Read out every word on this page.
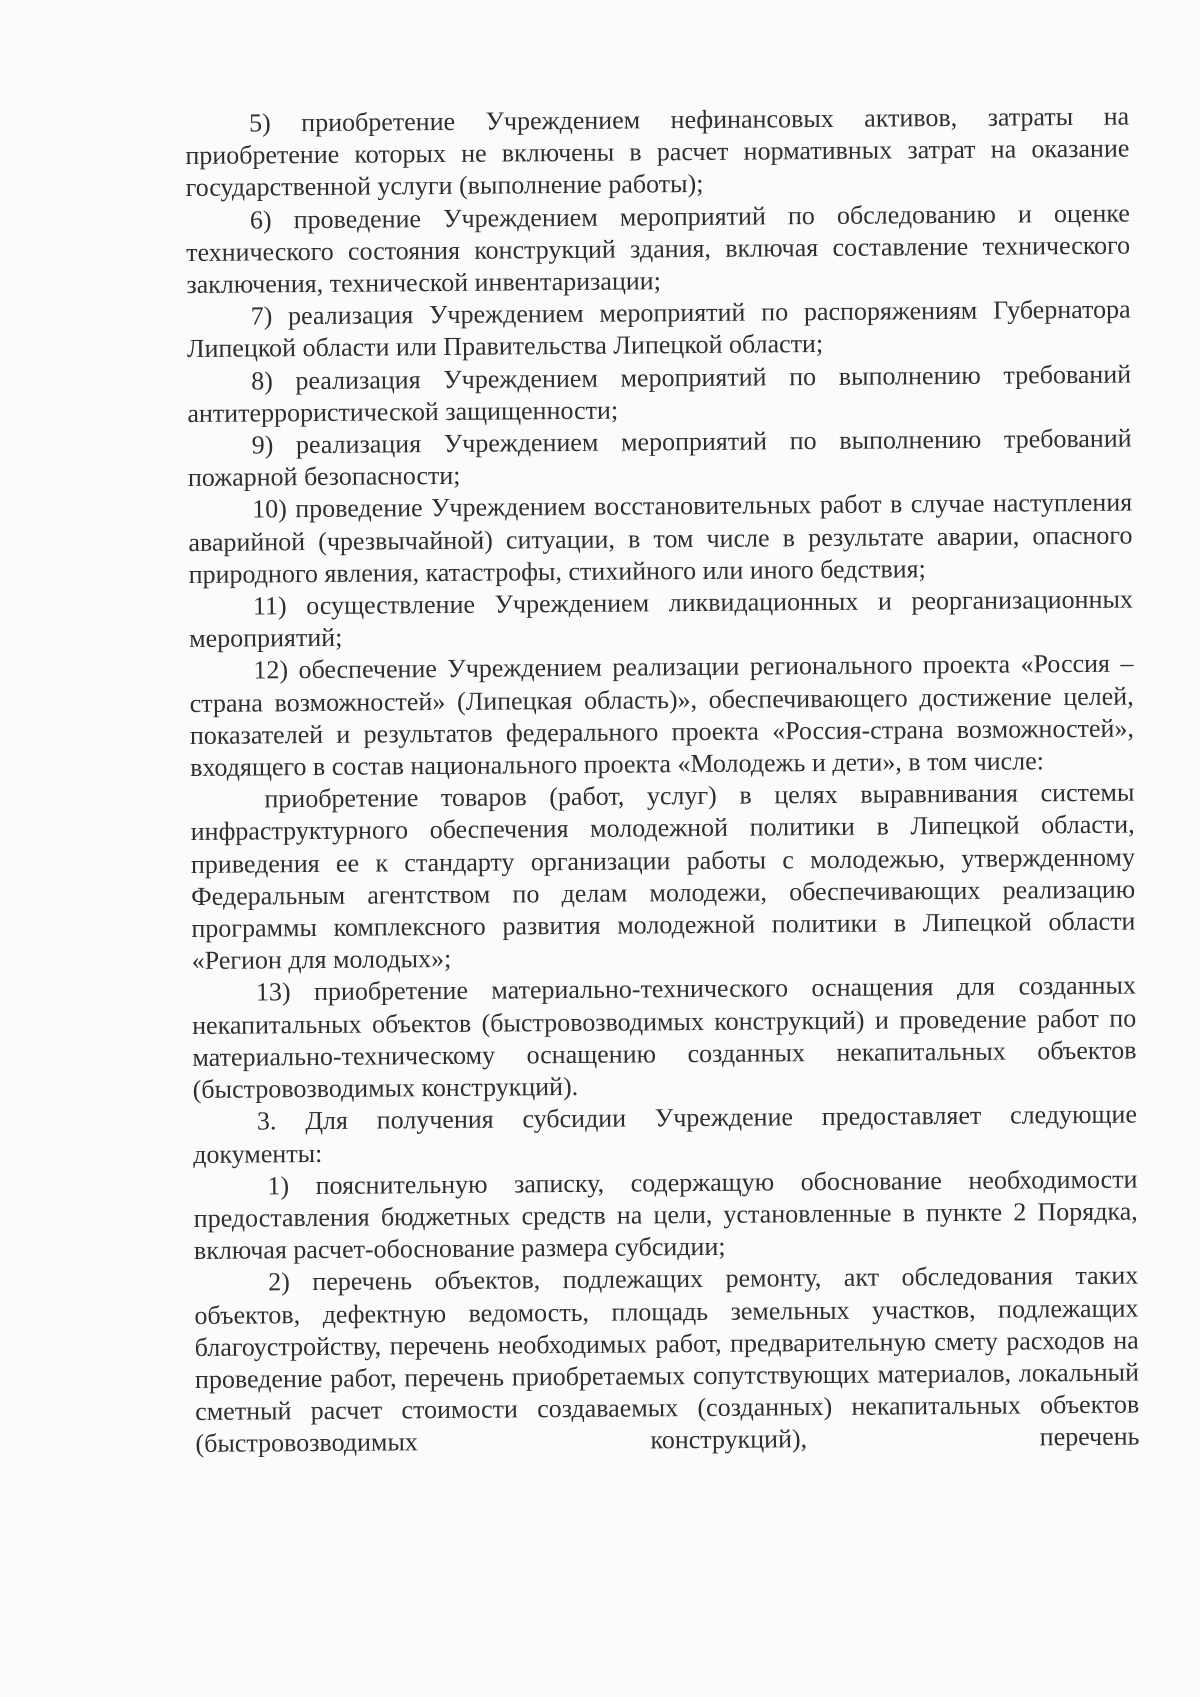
5) приобретение Учреждением нефинансовых активов, затраты на приобретение которых не включены в расчет нормативных затрат на оказание государственной услуги (выполнение работы);

6) проведение Учреждением мероприятий по обследованию и оценке технического состояния конструкций здания, включая составление технического заключения, технической инвентаризации;

7) реализация Учреждением мероприятий по распоряжениям Губернатора Липецкой области или Правительства Липецкой области;

8) реализация Учреждением мероприятий по выполнению требований антитеррористической защищенности;

9) реализация Учреждением мероприятий по выполнению требований пожарной безопасности;

10) проведение Учреждением восстановительных работ в случае наступления аварийной (чрезвычайной) ситуации, в том числе в результате аварии, опасного природного явления, катастрофы, стихийного или иного бедствия;

11) осуществление Учреждением ликвидационных и реорганизационных мероприятий;

12) обеспечение Учреждением реализации регионального проекта «Россия – страна возможностей» (Липецкая область)», обеспечивающего достижение целей, показателей и результатов федерального проекта «Россия-страна возможностей», входящего в состав национального проекта «Молодежь и дети», в том числе:

приобретение товаров (работ, услуг) в целях выравнивания системы инфраструктурного обеспечения молодежной политики в Липецкой области, приведения ее к стандарту организации работы с молодежью, утвержденному Федеральным агентством по делам молодежи, обеспечивающих реализацию программы комплексного развития молодежной политики в Липецкой области «Регион для молодых»;

13) приобретение материально-технического оснащения для созданных некапитальных объектов (быстровозводимых конструкций) и проведение работ по материально-техническому оснащению созданных некапитальных объектов (быстровозводимых конструкций).

3. Для получения субсидии Учреждение предоставляет следующие документы:

1) пояснительную записку, содержащую обоснование необходимости предоставления бюджетных средств на цели, установленные в пункте 2 Порядка, включая расчет-обоснование размера субсидии;

2) перечень объектов, подлежащих ремонту, акт обследования таких объектов, дефектную ведомость, площадь земельных участков, подлежащих благоустройству, перечень необходимых работ, предварительную смету расходов на проведение работ, перечень приобретаемых сопутствующих материалов, локальный сметный расчет стоимости создаваемых (созданных) некапитальных объектов (быстровозводимых конструкций), перечень
